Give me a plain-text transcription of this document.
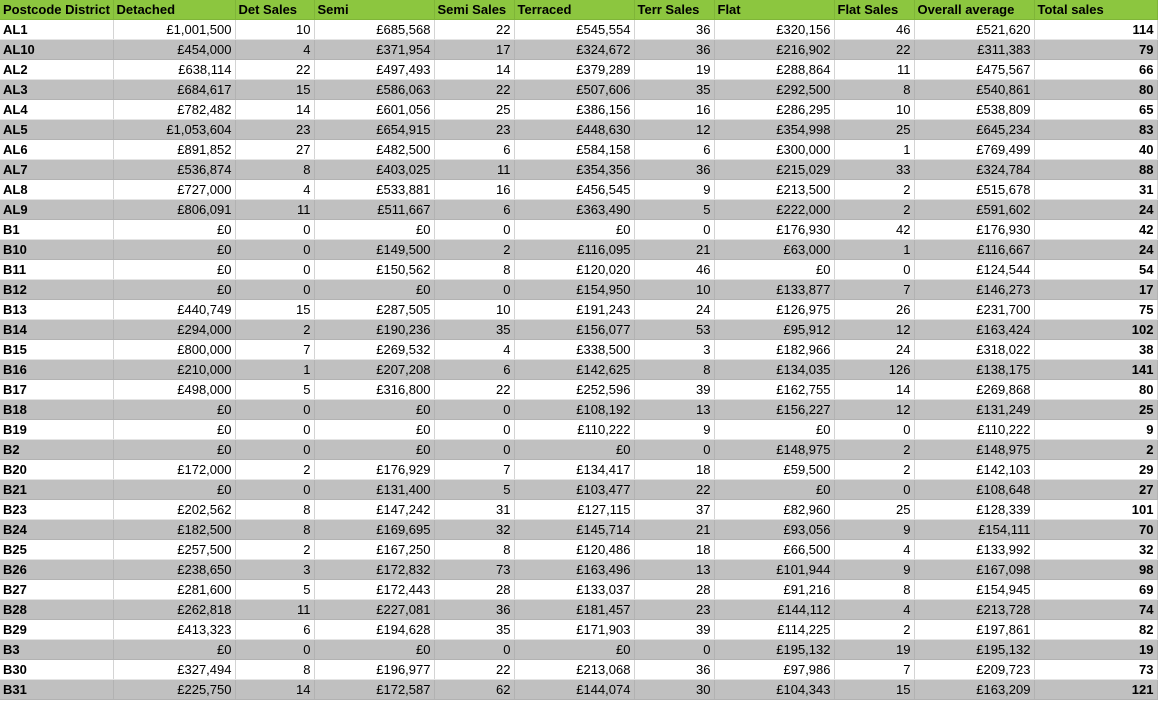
Postcode District	Detached	Det Sales	Semi	Semi Sales	Terraced	Terr Sales	Flat	Flat Sales	Overall average	Total sales
AL1	£1,001,500	10	£685,568	22	£545,554	36	£320,156	46	£521,620	114
AL10	£454,000	4	£371,954	17	£324,672	36	£216,902	22	£311,383	79
AL2	£638,114	22	£497,493	14	£379,289	19	£288,864	11	£475,567	66
AL3	£684,617	15	£586,063	22	£507,606	35	£292,500	8	£540,861	80
AL4	£782,482	14	£601,056	25	£386,156	16	£286,295	10	£538,809	65
AL5	£1,053,604	23	£654,915	23	£448,630	12	£354,998	25	£645,234	83
AL6	£891,852	27	£482,500	6	£584,158	6	£300,000	1	£769,499	40
AL7	£536,874	8	£403,025	11	£354,356	36	£215,029	33	£324,784	88
AL8	£727,000	4	£533,881	16	£456,545	9	£213,500	2	£515,678	31
AL9	£806,091	11	£511,667	6	£363,490	5	£222,000	2	£591,602	24
B1	£0	0	£0	0	£0	0	£176,930	42	£176,930	42
B10	£0	0	£149,500	2	£116,095	21	£63,000	1	£116,667	24
B11	£0	0	£150,562	8	£120,020	46	£0	0	£124,544	54
B12	£0	0	£0	0	£154,950	10	£133,877	7	£146,273	17
B13	£440,749	15	£287,505	10	£191,243	24	£126,975	26	£231,700	75
B14	£294,000	2	£190,236	35	£156,077	53	£95,912	12	£163,424	102
B15	£800,000	7	£269,532	4	£338,500	3	£182,966	24	£318,022	38
B16	£210,000	1	£207,208	6	£142,625	8	£134,035	126	£138,175	141
B17	£498,000	5	£316,800	22	£252,596	39	£162,755	14	£269,868	80
B18	£0	0	£0	0	£108,192	13	£156,227	12	£131,249	25
B19	£0	0	£0	0	£110,222	9	£0	0	£110,222	9
B2	£0	0	£0	0	£0	0	£148,975	2	£148,975	2
B20	£172,000	2	£176,929	7	£134,417	18	£59,500	2	£142,103	29
B21	£0	0	£131,400	5	£103,477	22	£0	0	£108,648	27
B23	£202,562	8	£147,242	31	£127,115	37	£82,960	25	£128,339	101
B24	£182,500	8	£169,695	32	£145,714	21	£93,056	9	£154,111	70
B25	£257,500	2	£167,250	8	£120,486	18	£66,500	4	£133,992	32
B26	£238,650	3	£172,832	73	£163,496	13	£101,944	9	£167,098	98
B27	£281,600	5	£172,443	28	£133,037	28	£91,216	8	£154,945	69
B28	£262,818	11	£227,081	36	£181,457	23	£144,112	4	£213,728	74
B29	£413,323	6	£194,628	35	£171,903	39	£114,225	2	£197,861	82
B3	£0	0	£0	0	£0	0	£195,132	19	£195,132	19
B30	£327,494	8	£196,977	22	£213,068	36	£97,986	7	£209,723	73
B31	£225,750	14	£172,587	62	£144,074	30	£104,343	15	£163,209	121
